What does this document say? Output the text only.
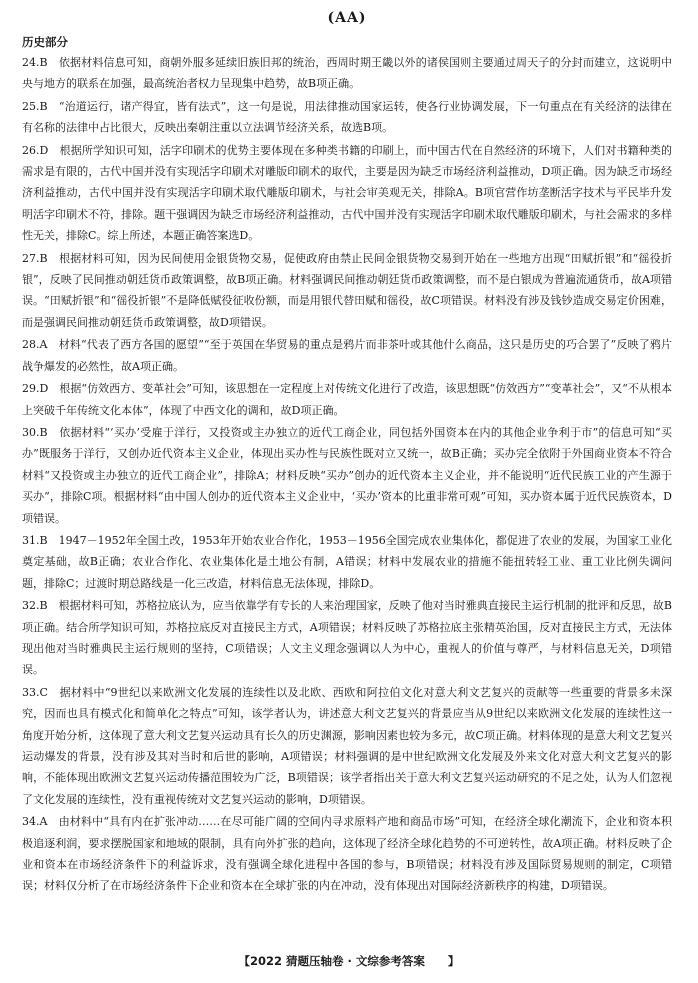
(AA)
历史部分

24.B　 依据材料信息可知，商朝外服多延续旧族旧邦的统治，西周时期王畿以外的诸侯国则主要通过周天子的分封而建立，这说明中央与地方的联系在加强，最高统治者权力呈现集中趋势，故B项正确。

25.B　 “治道运行，诸产得宜，皆有法式”，这一句是说，用法律推动国家运转，使各行业协调发展，下一句重点在有关经济的法律在有名称的法律中占比很大，反映出秦朝注重以立法调节经济关系，故选B项。

26.D　 根据所学知识可知，活字印刷术的优势主要体现在多种类书籍的印刷上，而中国古代在自然经济的环境下，人们对书籍种类的需求是有限的，古代中国并没有实现活字印刷术对雕版印刷术的取代，主要是因为缺乏市场经济利益推动，D项正确。因为缺乏市场经济利益推动，古代中国并没有实现活字印刷术取代雕版印刷术，与社会审美观无关，排除A。B项官营作坊垄断活字技术与平民毕升发明活字印刷术不符，排除。题干强调因为缺乏市场经济利益推动，古代中国并没有实现活字印刷术取代雕版印刷术，与社会需求的多样性无关，排除C。综上所述，本题正确答案选D。

27.B　 根据材料可知，因为民间使用金银货物交易，促使政府由禁止民间金银货物交易到开始在一些地方出现“田赋折银”和“徭役折银”，反映了民间推动朝廷货币政策调整，故B项正确。材料强调民间推动朝廷货币政策调整，而不是白银成为普遍流通货币，故A项错误。“田赋折银”和“徭役折银”不是降低赋役征收份额，而是用银代替田赋和徭役，故C项错误。材料没有涉及钱钞造成交易定价困难，而是强调民间推动朝廷货币政策调整，故D项错误。

28.A　 材料“代表了西方各国的愿望”“至于英国在华贸易的重点是鸦片而非茶叶或其他什么商品，这只是历史的巧合罢了”反映了鸦片战争爆发的必然性，故A项正确。

29.D　 根据“仿效西方、变革社会”可知，该思想在一定程度上对传统文化进行了改造，该思想既“仿效西方”“变革社会”，又“不从根本上突破千年传统文化本体”，体现了中西文化的调和，故D项正确。

30.B　 依据材料“‘买办’受雇于洋行，又投资或主办独立的近代工商企业，同包括外国资本在内的其他企业争利于市”的信息可知“买办”既服务于洋行，又创办近代资本主义企业，体现出买办性与民族性既对立又统一，故B正确；买办完全依附于外国商业资本不符合材料“又投资或主办独立的近代工商企业”，排除A；材料反映“买办”创办的近代资本主义企业，并不能说明“近代民族工业的产生源于买办”，排除C项。根据材料“由中国人创办的近代资本主义企业中，‘买办’资本的比重非常可观”可知，买办资本属于近代民族资本，D项错误。

31.B　 1947－1952年全国土改，1953年开始农业合作化，1953－1956全国完成农业集体化，都促进了农业的发展，为国家工业化奠定基础，故B正确；农业合作化、农业集体化是土地公有制，A错误；材料中发展农业的措施不能扭转轻工业、重工业比例失调问题，排除C；过渡时期总路线是一化三改造，材料信息无法体现，排除D。

32.B　 根据材料可知，苏格拉底认为，应当依靠学有专长的人来治理国家，反映了他对当时雅典直接民主运行机制的批评和反思，故B项正确。结合所学知识可知，苏格拉底反对直接民主方式，A项错误；材料反映了苏格拉底主张精英治国，反对直接民主方式，无法体现出他对当时雅典民主运行规则的坚持，C项错误；人文主义理念强调以人为中心，重视人的价值与尊严，与材料信息无关，D项错误。

33.C　 据材料中“9世纪以来欧洲文化发展的连续性以及北欧、西欧和阿拉伯文化对意大利文艺复兴的贡献等一些重要的背景多未深究，因而也具有模式化和简单化之特点”可知，该学者认为，讲述意大利文艺复兴的背景应当从9世纪以来欧洲文化发展的连续性这一角度开始分析，这体现了意大利文艺复兴运动具有长久的历史渊源，影响因素也较为多元，故C项正确。材料体现的是意大利文艺复兴运动爆发的背景，没有涉及其对当时和后世的影响，A项错误；材料强调的是中世纪欧洲文化发展及外来文化对意大利文艺复兴的影响，不能体现出欧洲文艺复兴运动传播范围较为广泛，B项错误；该学者指出关于意大利文艺复兴运动研究的不足之处，认为人们忽视了文化发展的连续性，没有重视传统对文艺复兴运动的影响，D项错误。

34.A　 由材料中“具有内在扩张冲动……在尽可能广阔的空间内寻求原料产地和商品市场”可知，在经济全球化潮流下，企业和资本积极追逐利润，要求摆脱国家和地域的限制，具有向外扩张的趋向，这体现了经济全球化趋势的不可逆转性，故A项正确。材料反映了企业和资本在市场经济条件下的利益诉求，没有强调全球化进程中各国的参与，B项错误；材料没有涉及国际贸易规则的制定，C项错误；材料仅分析了在市场经济条件下企业和资本在全球扩张的内在冲动，没有体现出对国际经济新秩序的构建，D项错误。

【2022 猜题压轴卷 · 文综参考答案　　】
